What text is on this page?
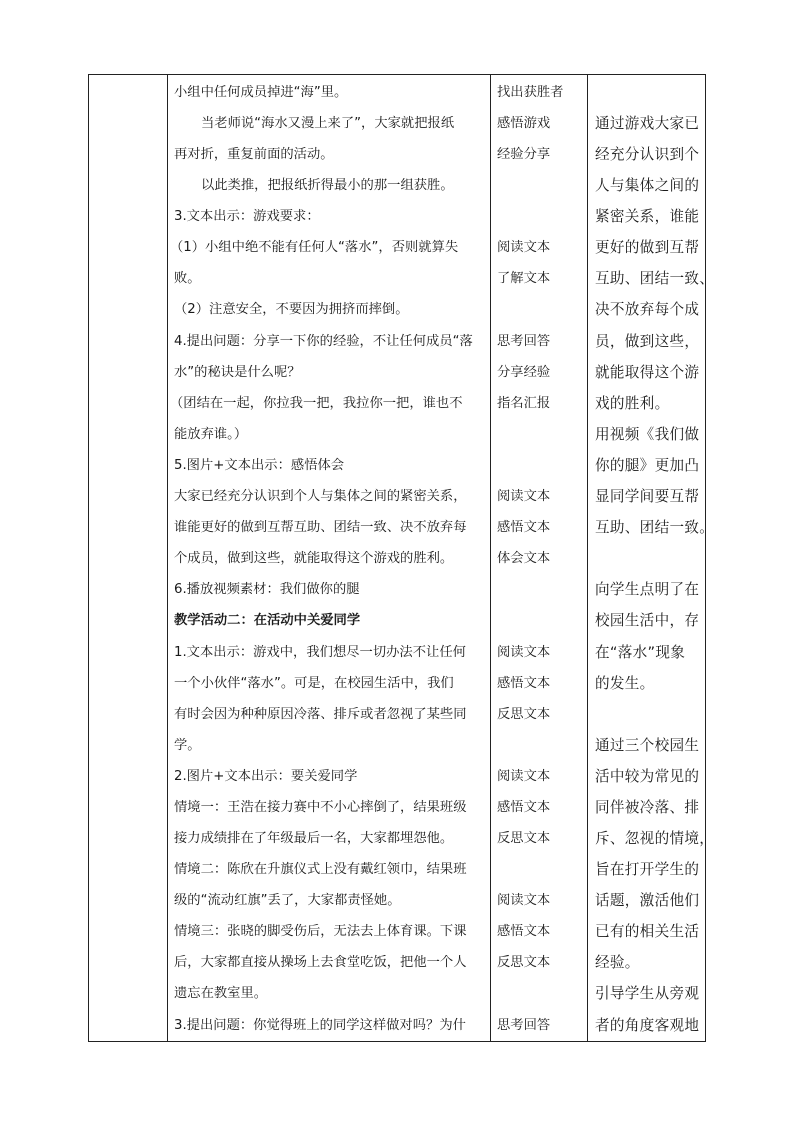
小组中任何成员掉进“海”里。
当老师说“海水又漫上来了”，大家就把报纸
再对折，重复前面的活动。
以此类推，把报纸折得最小的那一组获胜。
3.文本出示：游戏要求：
（1）小组中绝不能有任何人“落水”，否则就算失
败。
（2）注意安全，不要因为拥挤而摔倒。
4.提出问题：分享一下你的经验，不让任何成员“落
水”的秘诀是什么呢？
（团结在一起，你拉我一把，我拉你一把，谁也不
能放弃谁。）
5.图片+文本出示：感悟体会
大家已经充分认识到个人与集体之间的紧密关系，
谁能更好的做到互帮互助、团结一致、决不放弃每
个成员，做到这些，就能取得这个游戏的胜利。
6.播放视频素材：我们做你的腿
教学活动二：在活动中关爱同学
1.文本出示：游戏中，我们想尽一切办法不让任何
一个小伙伴“落水”。可是，在校园生活中，我们
有时会因为种种原因冷落、排斥或者忽视了某些同
学。
2.图片+文本出示：要关爱同学
情境一：王浩在接力赛中不小心摔倒了，结果班级
接力成绩排在了年级最后一名，大家都埋怨他。
情境二：陈欣在升旗仪式上没有戴红领巾，结果班
级的“流动红旗”丢了，大家都责怪她。
情境三：张晓的脚受伤后，无法去上体育课。下课
后，大家都直接从操场上去食堂吃饭，把他一个人
遗忘在教室里。
3.提出问题：你觉得班上的同学这样做对吗？为什
找出获胜者
感悟游戏
经验分享
阅读文本
了解文本
思考回答
分享经验
指名汇报
阅读文本
感悟文本
体会文本
阅读文本
感悟文本
反思文本
阅读文本
感悟文本
反思文本
阅读文本
感悟文本
反思文本
思考回答
通过游戏大家已
经充分认识到个
人与集体之间的
紧密关系，谁能
更好的做到互帮
互助、团结一致、
决不放弃每个成
员，做到这些，
就能取得这个游
戏的胜利。
用视频《我们做
你的腿》更加凸
显同学间要互帮
互助、团结一致。
向学生点明了在
校园生活中，存
在“落水”现象
的发生。
通过三个校园生
活中较为常见的
同伴被冷落、排
斥、忽视的情境，
旨在打开学生的
话题，激活他们
已有的相关生活
经验。
引导学生从旁观
者的角度客观地
